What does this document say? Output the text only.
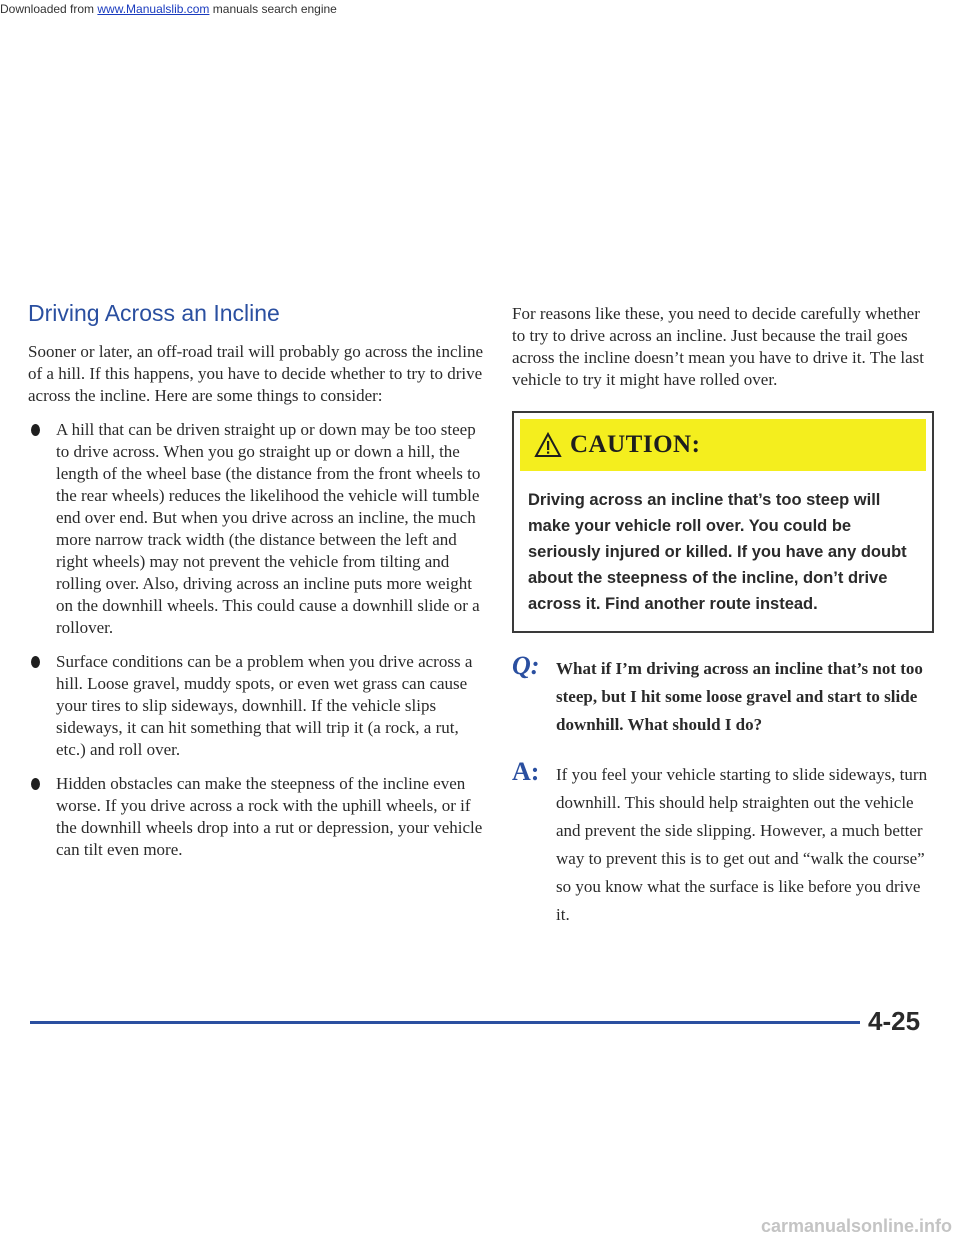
Downloaded from www.Manualslib.com manuals search engine
Driving Across an Incline

Sooner or later, an off-road trail will probably go across the incline of a hill. If this happens, you have to decide whether to try to drive across the incline. Here are some things to consider:

A hill that can be driven straight up or down may be too steep to drive across. When you go straight up or down a hill, the length of the wheel base (the distance from the front wheels to the rear wheels) reduces the likelihood the vehicle will tumble end over end. But when you drive across an incline, the much more narrow track width (the distance between the left and right wheels) may not prevent the vehicle from tilting and rolling over. Also, driving across an incline puts more weight on the downhill wheels. This could cause a downhill slide or a rollover.
Surface conditions can be a problem when you drive across a hill. Loose gravel, muddy spots, or even wet grass can cause your tires to slip sideways, downhill. If the vehicle slips sideways, it can hit something that will trip it (a rock, a rut, etc.) and roll over.
Hidden obstacles can make the steepness of the incline even worse. If you drive across a rock with the uphill wheels, or if the downhill wheels drop into a rut or depression, your vehicle can tilt even more.

For reasons like these, you need to decide carefully whether to try to drive across an incline. Just because the trail goes across the incline doesn’t mean you have to drive it. The last vehicle to try it might have rolled over.

CAUTION:
Driving across an incline that’s too steep will make your vehicle roll over. You could be seriously injured or killed. If you have any doubt about the steepness of the incline, don’t drive across it. Find another route instead.
Q: What if I’m driving across an incline that’s not too steep, but I hit some loose gravel and start to slide downhill. What should I do?
A: If you feel your vehicle starting to slide sideways, turn downhill. This should help straighten out the vehicle and prevent the side slipping. However, a much better way to prevent this is to get out and “walk the course” so you know what the surface is like before you drive it.
4-25
carmanualsonline.info
